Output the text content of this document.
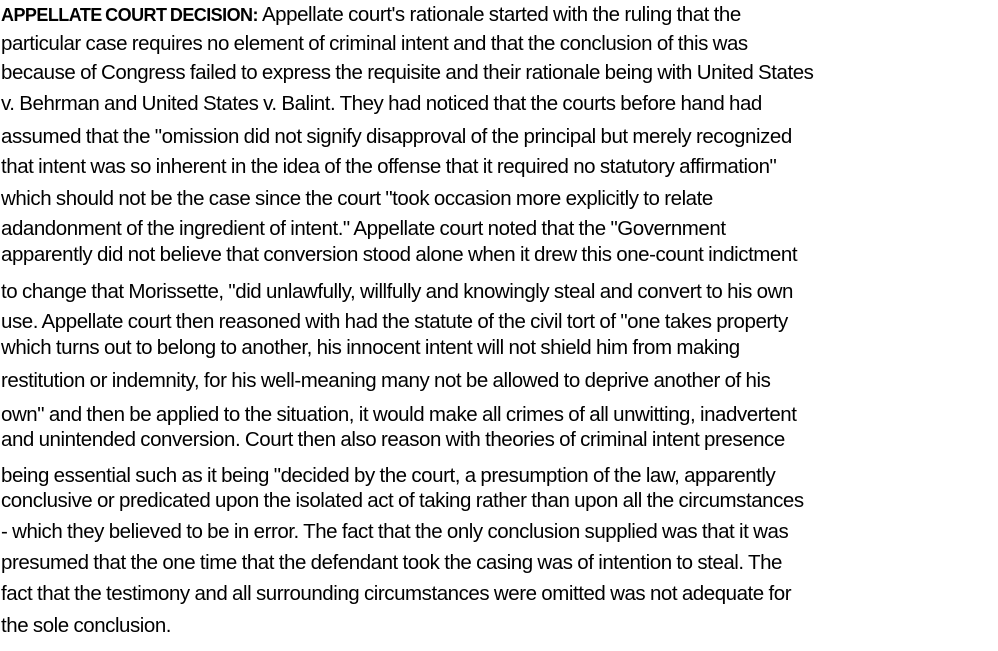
APPELLATE COURT DECISION: Appellate court's rationale started with the ruling that the
particular case requires no element of criminal intent and that the conclusion of this was
because of Congress failed to express the requisite and their rationale being with United States
v. Behrman and United States v. Balint. They had noticed that the courts before hand had
assumed that the "omission did not signify disapproval of the principal but merely recognized
that intent was so inherent in the idea of the offense that it required no statutory affirmation"
which should not be the case since the court "took occasion more explicitly to relate
adandonment of the ingredient of intent." Appellate court noted that the "Government
apparently did not believe that conversion stood alone when it drew this one-count indictment
to change that Morissette, "did unlawfully, willfully and knowingly steal and convert to his own
use. Appellate court then reasoned with had the statute of the civil tort of "one takes property
which turns out to belong to another, his innocent intent will not shield him from making
restitution or indemnity, for his well-meaning many not be allowed to deprive another of his
own" and then be applied to the situation, it would make all crimes of all unwitting, inadvertent
and unintended conversion. Court then also reason with theories of criminal intent presence
being essential such as it being "decided by the court, a presumption of the law, apparently
conclusive or predicated upon the isolated act of taking rather than upon all the circumstances
- which they believed to be in error. The fact that the only conclusion supplied was that it was
presumed that the one time that the defendant took the casing was of intention to steal. The
fact that the testimony and all surrounding circumstances were omitted was not adequate for
the sole conclusion.
